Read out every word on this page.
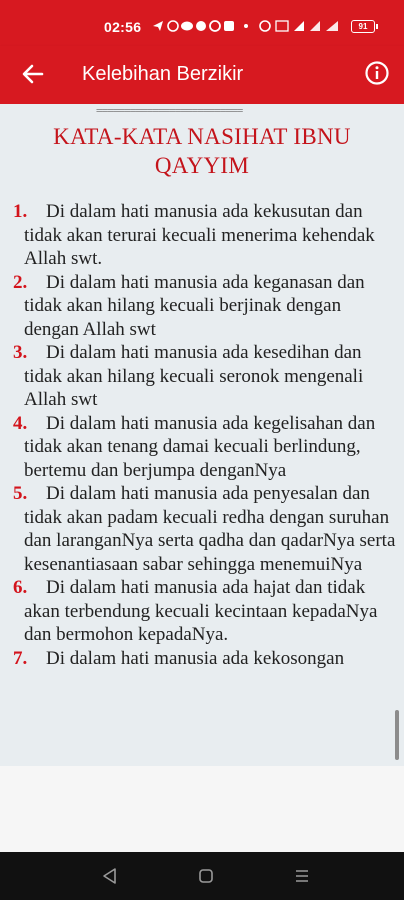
02:56	91
Kelebihan Berzikir
==========================
KATA-KATA NASIHAT IBNU QAYYIM
1. Di dalam hati manusia ada kekusutan dan tidak akan terurai kecuali menerima kehendak Allah swt.
2. Di dalam hati manusia ada keganasan dan tidak akan hilang kecuali berjinak dengan dengan Allah swt
3. Di dalam hati manusia ada kesedihan dan tidak akan hilang kecuali seronok mengenali Allah swt
4. Di dalam hati manusia ada kegelisahan dan tidak akan tenang damai kecuali berlindung, bertemu dan berjumpa denganNya
5. Di dalam hati manusia ada penyesalan dan tidak akan padam kecuali redha dengan suruhan dan laranganNya serta qadha dan qadarNya serta kesenantiasaan sabar sehingga menemuiNya
6. Di dalam hati manusia ada hajat dan tidak akan terbendung kecuali kecintaan kepadaNya dan bermohon kepadaNya.
7. Di dalam hati manusia ada kekosongan
